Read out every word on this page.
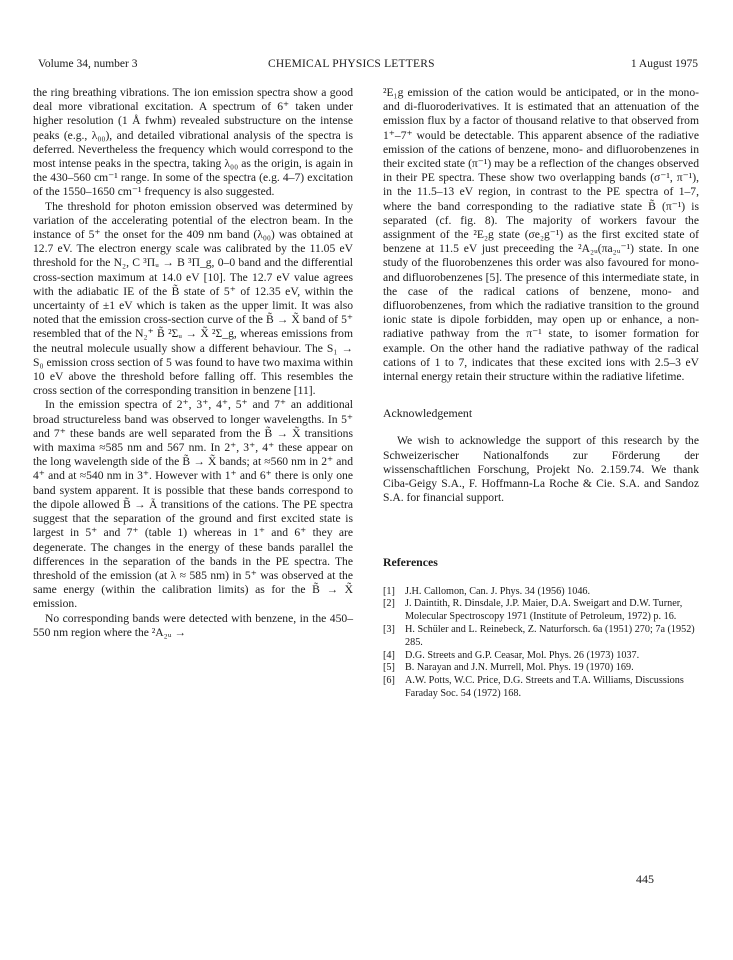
Volume 34, number 3	CHEMICAL PHYSICS LETTERS	1 August 1975

the ring breathing vibrations. The ion emission spectra show a good deal more vibrational excitation. A spectrum of 6⁺ taken under higher resolution (1 Å fwhm) revealed substructure on the intense peaks (e.g., λ₀₀), and detailed vibrational analysis of the spectra is deferred. Nevertheless the frequency which would correspond to the most intense peaks in the spectra, taking λ₀₀ as the origin, is again in the 430–560 cm⁻¹ range. In some of the spectra (e.g. 4–7) excitation of the 1550–1650 cm⁻¹ frequency is also suggested.

The threshold for photon emission observed was determined by variation of the accelerating potential of the electron beam. In the instance of 5⁺ the onset for the 409 nm band (λ₀₀) was obtained at 12.7 eV. The electron energy scale was calibrated by the 11.05 eV threshold for the N₂, C ³Πᵤ → B ³Π_g, 0–0 band and the differential cross-section maximum at 14.0 eV [10]. The 12.7 eV value agrees with the adiabatic IE of the B̃ state of 5⁺ of 12.35 eV, within the uncertainty of ±1 eV which is taken as the upper limit. It was also noted that the emission cross-section curve of the B̃ → X̃ band of 5⁺ resembled that of the N₂⁺ B̃ ²Σᵤ → X̃ ²Σ_g, whereas emissions from the neutral molecule usually show a different behaviour. The S₁ → S₀ emission cross section of 5 was found to have two maxima within 10 eV above the threshold before falling off. This resembles the cross section of the corresponding transition in benzene [11].

In the emission spectra of 2⁺, 3⁺, 4⁺, 5⁺ and 7⁺ an additional broad structureless band was observed to longer wavelengths. In 5⁺ and 7⁺ these bands are well separated from the B̃ → X̃ transitions with maxima ≈585 nm and 567 nm. In 2⁺, 3⁺, 4⁺ these appear on the long wavelength side of the B̃ → X̃ bands; at ≈560 nm in 2⁺ and 4⁺ and at ≈540 nm in 3⁺. However with 1⁺ and 6⁺ there is only one band system apparent. It is possible that these bands correspond to the dipole allowed B̃ → Ã transitions of the cations. The PE spectra suggest that the separation of the ground and first excited state is largest in 5⁺ and 7⁺ (table 1) whereas in 1⁺ and 6⁺ they are degenerate. The changes in the energy of these bands parallel the differences in the separation of the bands in the PE spectra. The threshold of the emission (at λ ≈ 585 nm) in 5⁺ was observed at the same energy (within the calibration limits) as for the B̃ → X̃ emission.

No corresponding bands were detected with benzene, in the 450–550 nm region where the ²A₂ᵤ →

²E₁g emission of the cation would be anticipated, or in the mono- and di-fluoroderivatives. It is estimated that an attenuation of the emission flux by a factor of thousand relative to that observed from 1⁺–7⁺ would be detectable. This apparent absence of the radiative emission of the cations of benzene, mono- and difluorobenzenes in their excited state (π⁻¹) may be a reflection of the changes observed in their PE spectra. These show two overlapping bands (σ⁻¹, π⁻¹), in the 11.5–13 eV region, in contrast to the PE spectra of 1–7, where the band corresponding to the radiative state B̃ (π⁻¹) is separated (cf. fig. 8). The majority of workers favour the assignment of the ²E₂g state (σe₂g⁻¹) as the first excited state of benzene at 11.5 eV just preceeding the ²A₂ᵤ(πa₂ᵤ⁻¹) state. In one study of the fluorobenzenes this order was also favoured for mono- and difluorobenzenes [5]. The presence of this intermediate state, in the case of the radical cations of benzene, mono- and difluorobenzenes, from which the radiative transition to the ground ionic state is dipole forbidden, may open up or enhance, a non-radiative pathway from the π⁻¹ state, to isomer formation for example. On the other hand the radiative pathway of the radical cations of 1 to 7, indicates that these excited ions with 2.5–3 eV internal energy retain their structure within the radiative lifetime.

Acknowledgement

We wish to acknowledge the support of this research by the Schweizerischer Nationalfonds zur Förderung der wissenschaftlichen Forschung, Projekt No. 2.159.74. We thank Ciba-Geigy S.A., F. Hoffmann-La Roche & Cie. S.A. and Sandoz S.A. for financial support.

References
[1] J.H. Callomon, Can. J. Phys. 34 (1956) 1046.
[2] J. Daintith, R. Dinsdale, J.P. Maier, D.A. Sweigart and D.W. Turner, Molecular Spectroscopy 1971 (Institute of Petroleum, 1972) p. 16.
[3] H. Schüler and L. Reinebeck, Z. Naturforsch. 6a (1951) 270; 7a (1952) 285.
[4] D.G. Streets and G.P. Ceasar, Mol. Phys. 26 (1973) 1037.
[5] B. Narayan and J.N. Murrell, Mol. Phys. 19 (1970) 169.
[6] A.W. Potts, W.C. Price, D.G. Streets and T.A. Williams, Discussions Faraday Soc. 54 (1972) 168.
445
